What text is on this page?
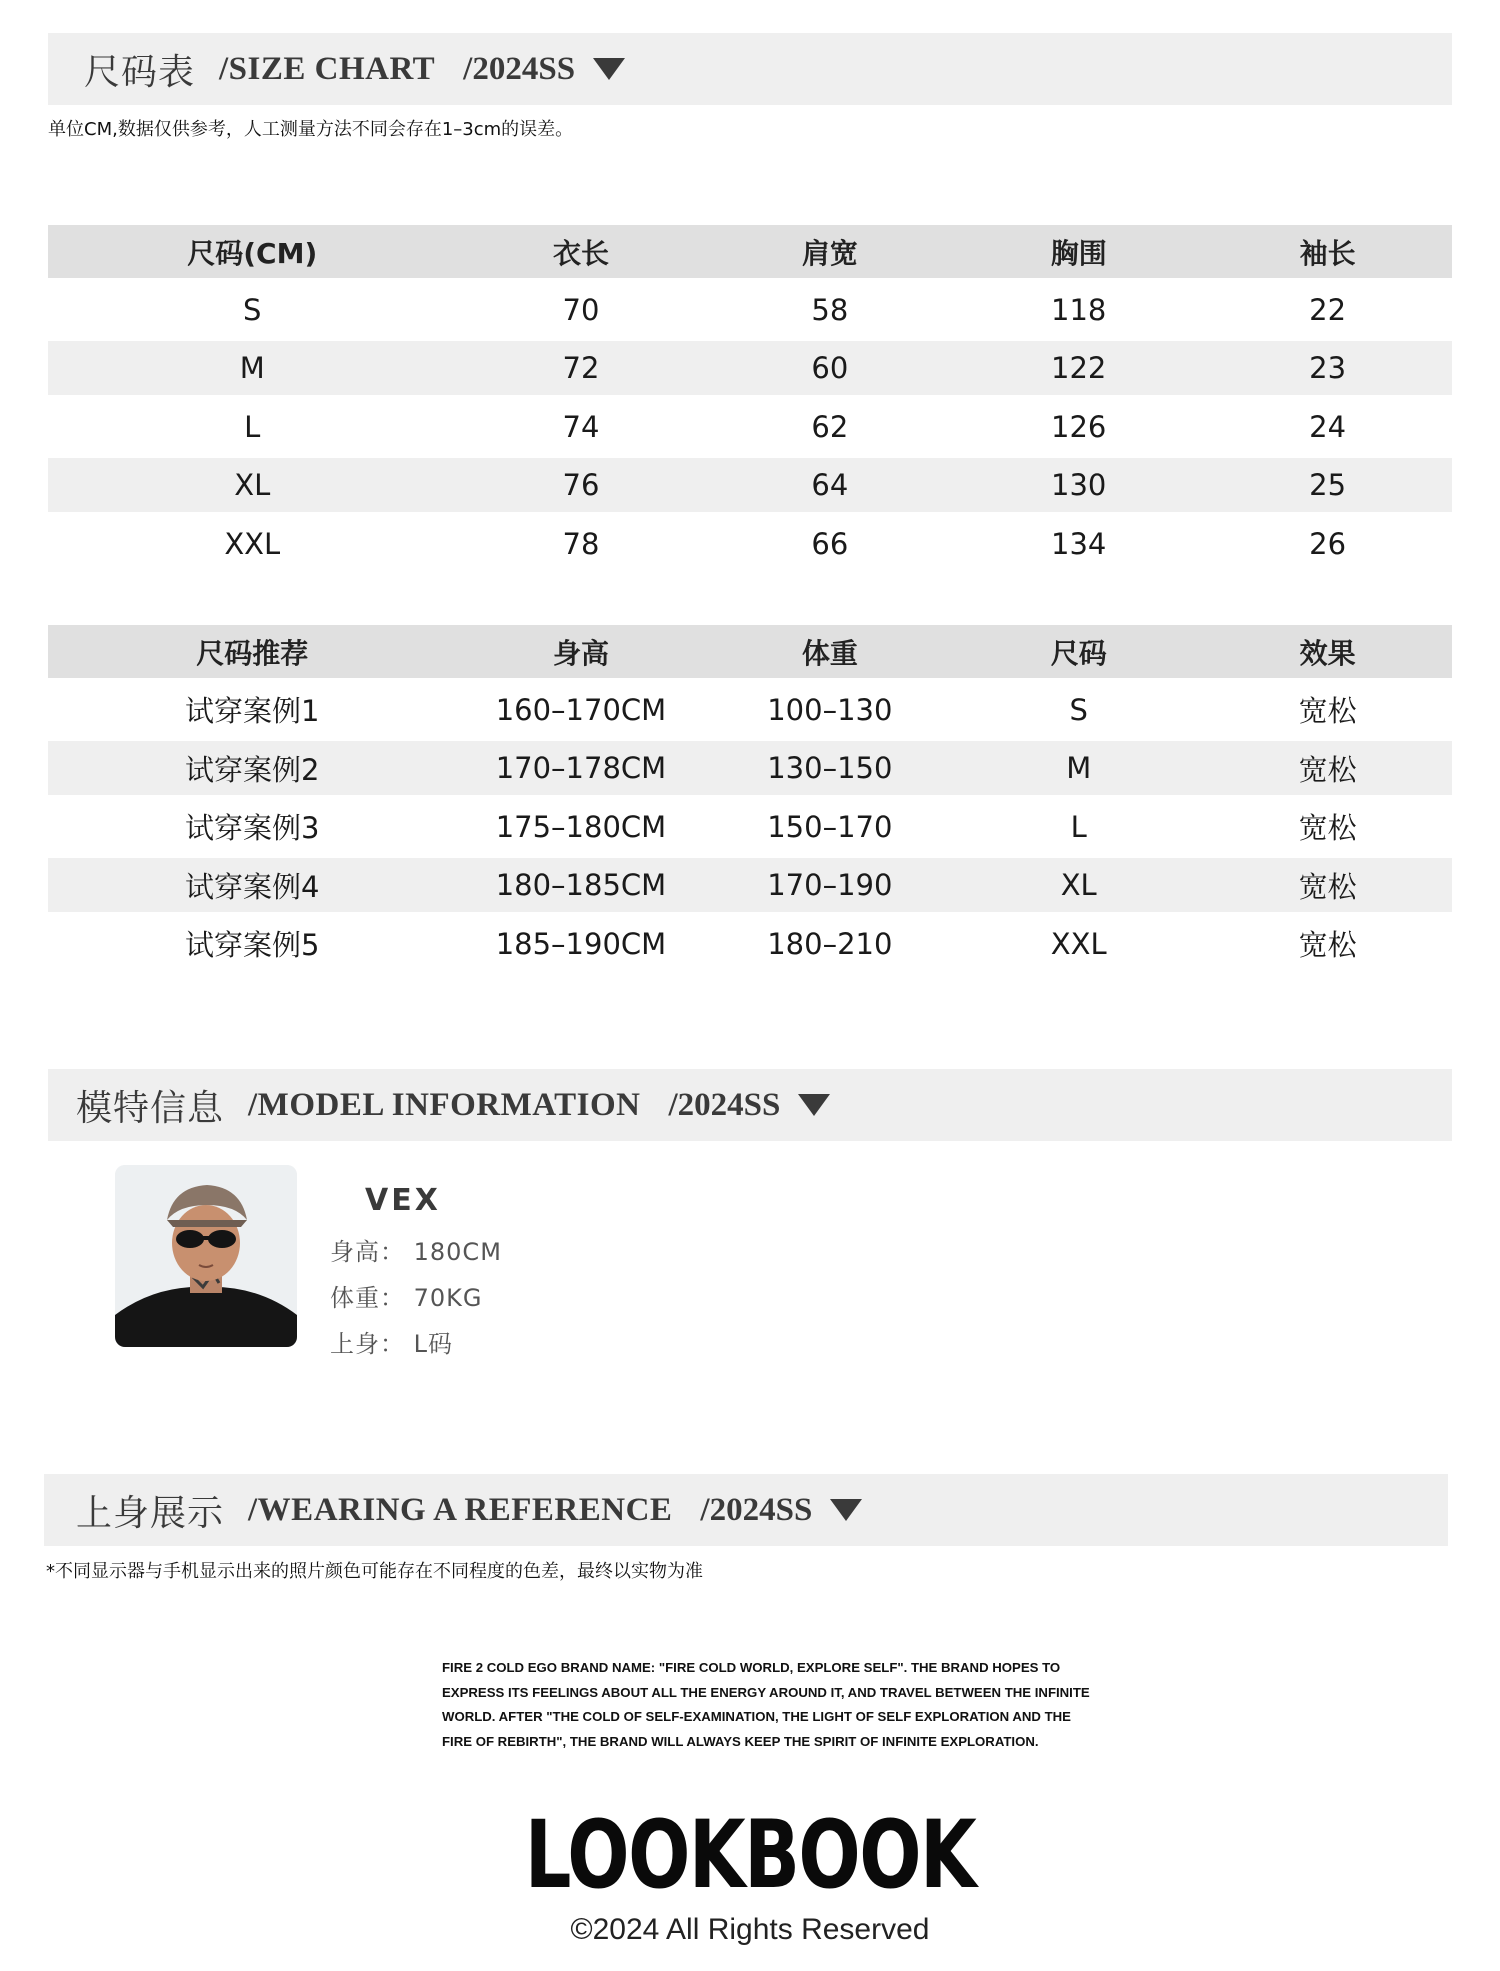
尺码表 /SIZE CHART /2024SS
单位CM,数据仅供参考，人工测量方法不同会存在1–3cm的误差。
尺码(CM)	衣长	肩宽	胸围	袖长
S	70	58	118	22
M	72	60	122	23
L	74	62	126	24
XL	76	64	130	25
XXL	78	66	134	26
尺码推荐	身高	体重	尺码	效果
试穿案例1	160–170CM	100–130	S	宽松
试穿案例2	170–178CM	130–150	M	宽松
试穿案例3	175–180CM	150–170	L	宽松
试穿案例4	180–185CM	170–190	XL	宽松
试穿案例5	185–190CM	180–210	XXL	宽松
模特信息 /MODEL INFORMATION /2024SS
VEX
身高： 180CM
体重： 70KG
上身： L码
上身展示 /WEARING A REFERENCE /2024SS
*不同显示器与手机显示出来的照片颜色可能存在不同程度的色差，最终以实物为准
FIRE 2 COLD EGO BRAND NAME: "FIRE COLD WORLD, EXPLORE SELF". THE BRAND HOPES TO EXPRESS ITS FEELINGS ABOUT ALL THE ENERGY AROUND IT, AND TRAVEL BETWEEN THE INFINITE WORLD. AFTER "THE COLD OF SELF-EXAMINATION, THE LIGHT OF SELF EXPLORATION AND THE FIRE OF REBIRTH", THE BRAND WILL ALWAYS KEEP THE SPIRIT OF INFINITE EXPLORATION.
LOOKBOOK
©2024 All Rights Reserved
